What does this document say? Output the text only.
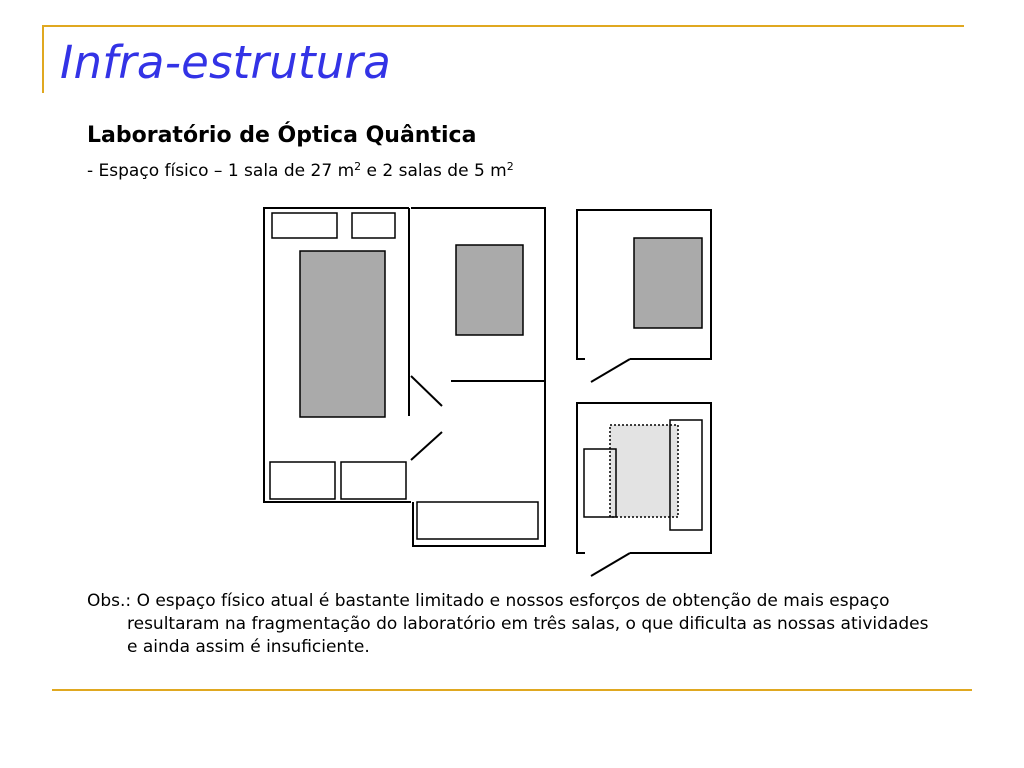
Infra-estrutura
Laboratório de Óptica Quântica

- Espaço físico – 1 sala de 27 $m^2$ e 2 salas de 5 $m^2$

Obs.: O espaço físico atual é bastante limitado e nossos esforços de obtenção de mais espaço resultaram na fragmentação do laboratório em três salas, o que dificulta as nossas atividades e ainda assim é insuficiente.
